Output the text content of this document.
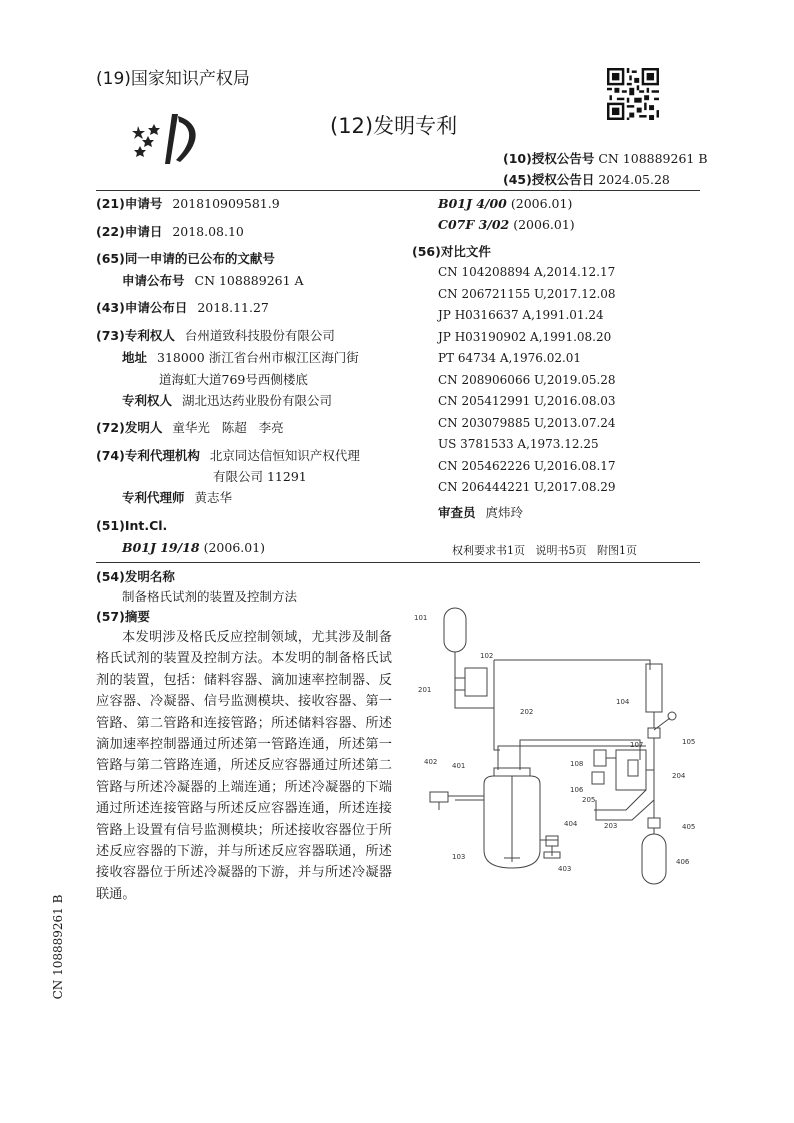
(19)国家知识产权局
(12)发明专利
(10)授权公告号 CN 108889261 B
(45)授权公告日 2024.05.28
(21)申请号 201810909581.9
(22)申请日 2018.08.10
(65)同一申请的已公布的文献号
申请公布号 CN 108889261 A
(43)申请公布日 2018.11.27
(73)专利权人 台州道致科技股份有限公司
地址 318000 浙江省台州市椒江区海门街
道海虹大道769号西侧楼底
专利权人 湖北迅达药业股份有限公司
(72)发明人 童华光   陈超   李亮
(74)专利代理机构 北京同达信恒知识产权代理
有限公司 11291
专利代理师 黄志华
(51)Int.Cl.
B01J 19/18 (2006.01)
B01J 4/00 (2006.01)
C07F 3/02 (2006.01)
(56)对比文件
CN 104208894 A,2014.12.17
CN 206721155 U,2017.12.08
JP H0316637 A,1991.01.24
JP H03190902 A,1991.08.20
PT 64734 A,1976.02.01
CN 208906066 U,2019.05.28
CN 205412991 U,2016.08.03
CN 203079885 U,2013.07.24
US 3781533 A,1973.12.25
CN 205462226 U,2016.08.17
CN 206444221 U,2017.08.29
审查员 庹炜玲
权利要求书1页   说明书5页   附图1页
(54)发明名称
制备格氏试剂的装置及控制方法
(57)摘要
本发明涉及格氏反应控制领域，尤其涉及制备格氏试剂的装置及控制方法。本发明的制备格氏试剂的装置，包括：储料容器、滴加速率控制器、反应容器、冷凝器、信号监测模块、接收容器、第一管路、第二管路和连接管路；所述储料容器、所述滴加速率控制器通过所述第一管路连通，所述第一管路与第二管路连通，所述反应容器通过所述第二管路与所述冷凝器的上端连通；所述冷凝器的下端通过所述连接管路与所述反应容器连通，所述连接管路上设置有信号监测模块；所述接收容器位于所述反应容器的下游，并与所述反应容器联通，所述接收容器位于所述冷凝器的下游，并与所述冷凝器联通。
CN 108889261 B
101
102
201
202
104
105
107
108
106
205
204
402 401
203	405
404
103
403
406
